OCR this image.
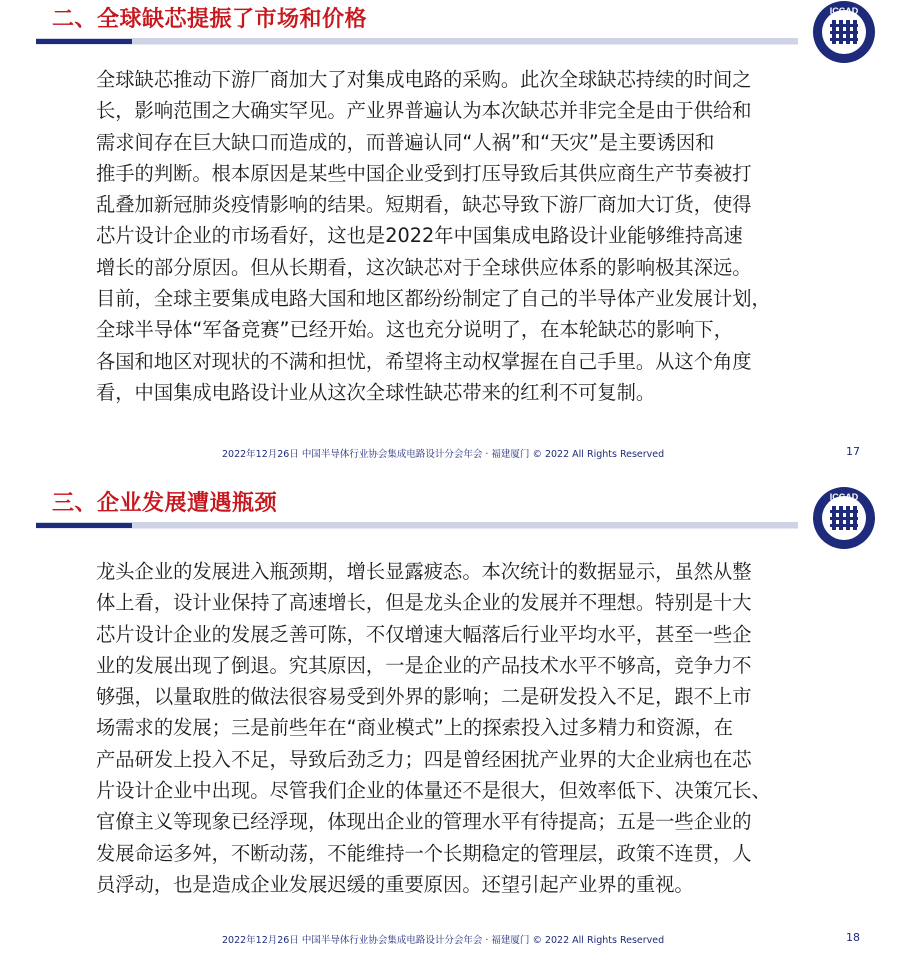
二、全球缺芯提振了市场和价格	ICCAD
全球缺芯推动下游厂商加大了对集成电路的采购。此次全球缺芯持续的时间之
长，影响范围之大确实罕见。产业界普遍认为本次缺芯并非完全是由于供给和
需求间存在巨大缺口而造成的，而普遍认同“人祸”和“天灾”是主要诱因和
推手的判断。根本原因是某些中国企业受到打压导致后其供应商生产节奏被打
乱叠加新冠肺炎疫情影响的结果。短期看，缺芯导致下游厂商加大订货，使得
芯片设计企业的市场看好，这也是2022年中国集成电路设计业能够维持高速
增长的部分原因。但从长期看，这次缺芯对于全球供应体系的影响极其深远。
目前，全球主要集成电路大国和地区都纷纷制定了自己的半导体产业发展计划，
全球半导体“军备竞赛”已经开始。这也充分说明了，在本轮缺芯的影响下，
各国和地区对现状的不满和担忧，希望将主动权掌握在自己手里。从这个角度
看，中国集成电路设计业从这次全球性缺芯带来的红利不可复制。
2022年12月26日 中国半导体行业协会集成电路设计分会年会 · 福建厦门 © 2022 All Rights Reserved	17
三、企业发展遭遇瓶颈	ICCAD
龙头企业的发展进入瓶颈期，增长显露疲态。本次统计的数据显示，虽然从整
体上看，设计业保持了高速增长，但是龙头企业的发展并不理想。特别是十大
芯片设计企业的发展乏善可陈，不仅增速大幅落后行业平均水平，甚至一些企
业的发展出现了倒退。究其原因，一是企业的产品技术水平不够高，竞争力不
够强，以量取胜的做法很容易受到外界的影响；二是研发投入不足，跟不上市
场需求的发展；三是前些年在“商业模式”上的探索投入过多精力和资源，在
产品研发上投入不足，导致后劲乏力；四是曾经困扰产业界的大企业病也在芯
片设计企业中出现。尽管我们企业的体量还不是很大，但效率低下、决策冗长、
官僚主义等现象已经浮现，体现出企业的管理水平有待提高；五是一些企业的
发展命运多舛，不断动荡，不能维持一个长期稳定的管理层，政策不连贯，人
员浮动，也是造成企业发展迟缓的重要原因。还望引起产业界的重视。
2022年12月26日 中国半导体行业协会集成电路设计分会年会 · 福建厦门 © 2022 All Rights Reserved	18
